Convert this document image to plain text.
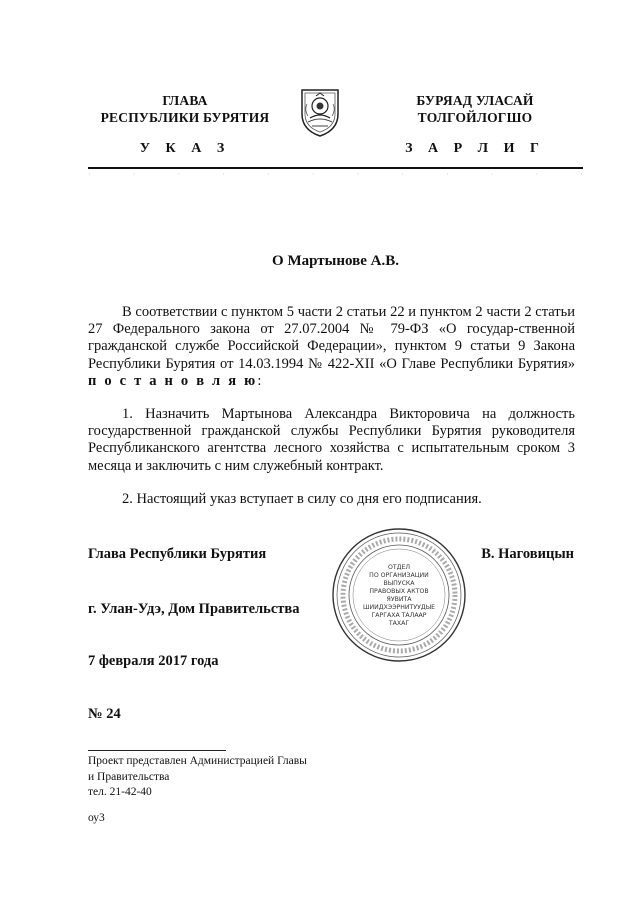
ГЛАВА
РЕСПУБЛИКИ БУРЯТИЯ
БУРЯАД УЛАСАЙ
ТОЛГОЙЛОГШО
У К А З	З А Р Л И Г
·	·	·	·	·	·	·	·	·	·	·	·
О Мартынове А.В.
В соответствии с пунктом 5 части 2 статьи 22 и пунктом 2 части 2 статьи 27 Федерального закона от 27.07.2004 № 79-ФЗ «О государ-ственной гражданской службе Российской Федерации», пунктом 9 статьи 9 Закона Республики Бурятия от 14.03.1994 № 422-XII «О Главе Республики Бурятия» п о с т а н о в л я ю:
1. Назначить Мартынова Александра Викторовича на должность государственной гражданской службы Республики Бурятия руководителя Республиканского агентства лесного хозяйства с испытательным сроком 3 месяца и заключить с ним служебный контракт.
2. Настоящий указ вступает в силу со дня его подписания.
Глава Республики Бурятия	В. Наговицын
ОТДЕЛ
ПО ОРГАНИЗАЦИИ
ВЫПУСКА
ПРАВОВЫХ АКТОВ
ЯУВИТА
ШИИДХЭЭРНИТУУДЫЕ
ГАРГАХА ТАЛААР
ТАХАГ
г. Улан-Удэ, Дом Правительства
7 февраля 2017 года
№ 24
Проект представлен Администрацией Главы
и Правительства
тел. 21-42-40
оу3
